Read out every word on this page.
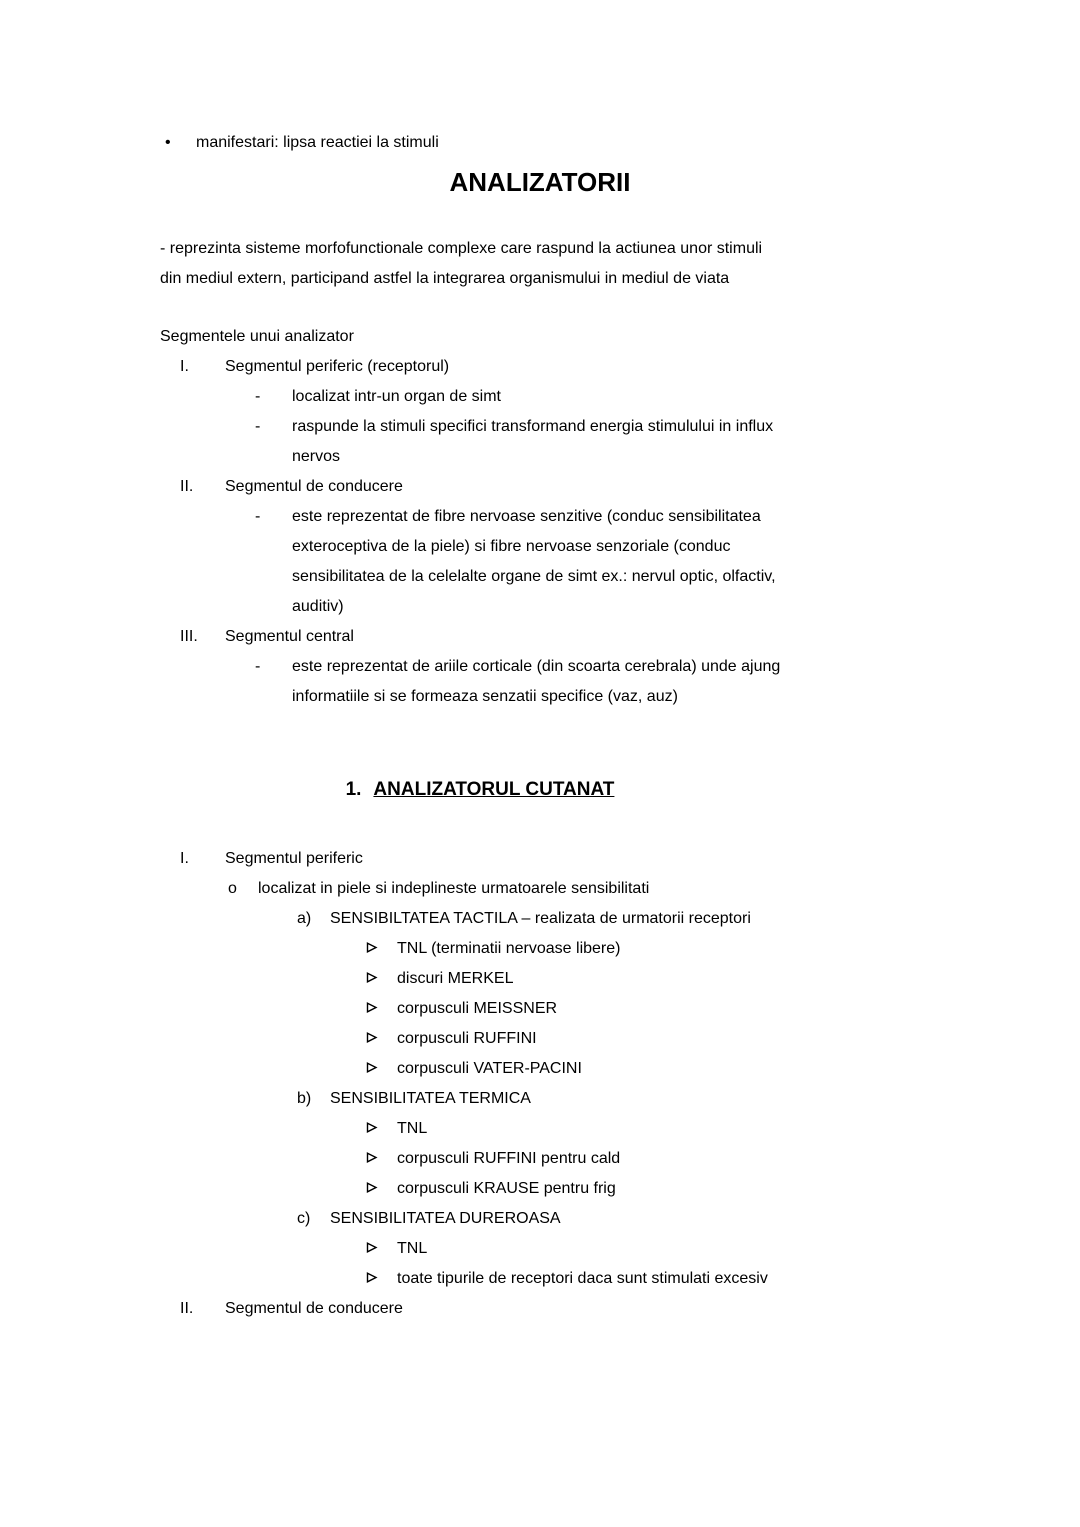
•	manifestari: lipsa reactiei la stimuli
ANALIZATORII
- reprezinta sisteme morfofunctionale complexe care raspund la actiunea unor stimuli
din mediul extern, participand astfel la integrarea organismului in mediul de viata
Segmentele unui analizator
I.	Segmentul periferic (receptorul)
-	localizat intr-un organ de simt
-	raspunde la stimuli specifici transformand energia stimulului in influx
nervos
II.	Segmentul de conducere
-	este reprezentat de fibre nervoase senzitive (conduc sensibilitatea
exteroceptiva de la piele) si fibre nervoase senzoriale (conduc
sensibilitatea de la celelalte organe de simt ex.: nervul optic, olfactiv,
auditiv)
III.	Segmentul central
-	este reprezentat de ariile corticale (din scoarta cerebrala) unde ajung
informatiile si se formeaza senzatii specifice (vaz, auz)
1. ANALIZATORUL CUTANAT
I.	Segmentul periferic
o	localizat in piele si indeplineste urmatoarele sensibilitati
a)	SENSIBILTATEA TACTILA – realizata de urmatorii receptori
TNL (terminatii nervoase libere)
discuri MERKEL
corpusculi MEISSNER
corpusculi RUFFINI
corpusculi VATER-PACINI
b)	SENSIBILITATEA TERMICA
TNL
corpusculi RUFFINI pentru cald
corpusculi KRAUSE pentru frig
c)	SENSIBILITATEA DUREROASA
TNL
toate tipurile de receptori daca sunt stimulati excesiv
II.	Segmentul de conducere
